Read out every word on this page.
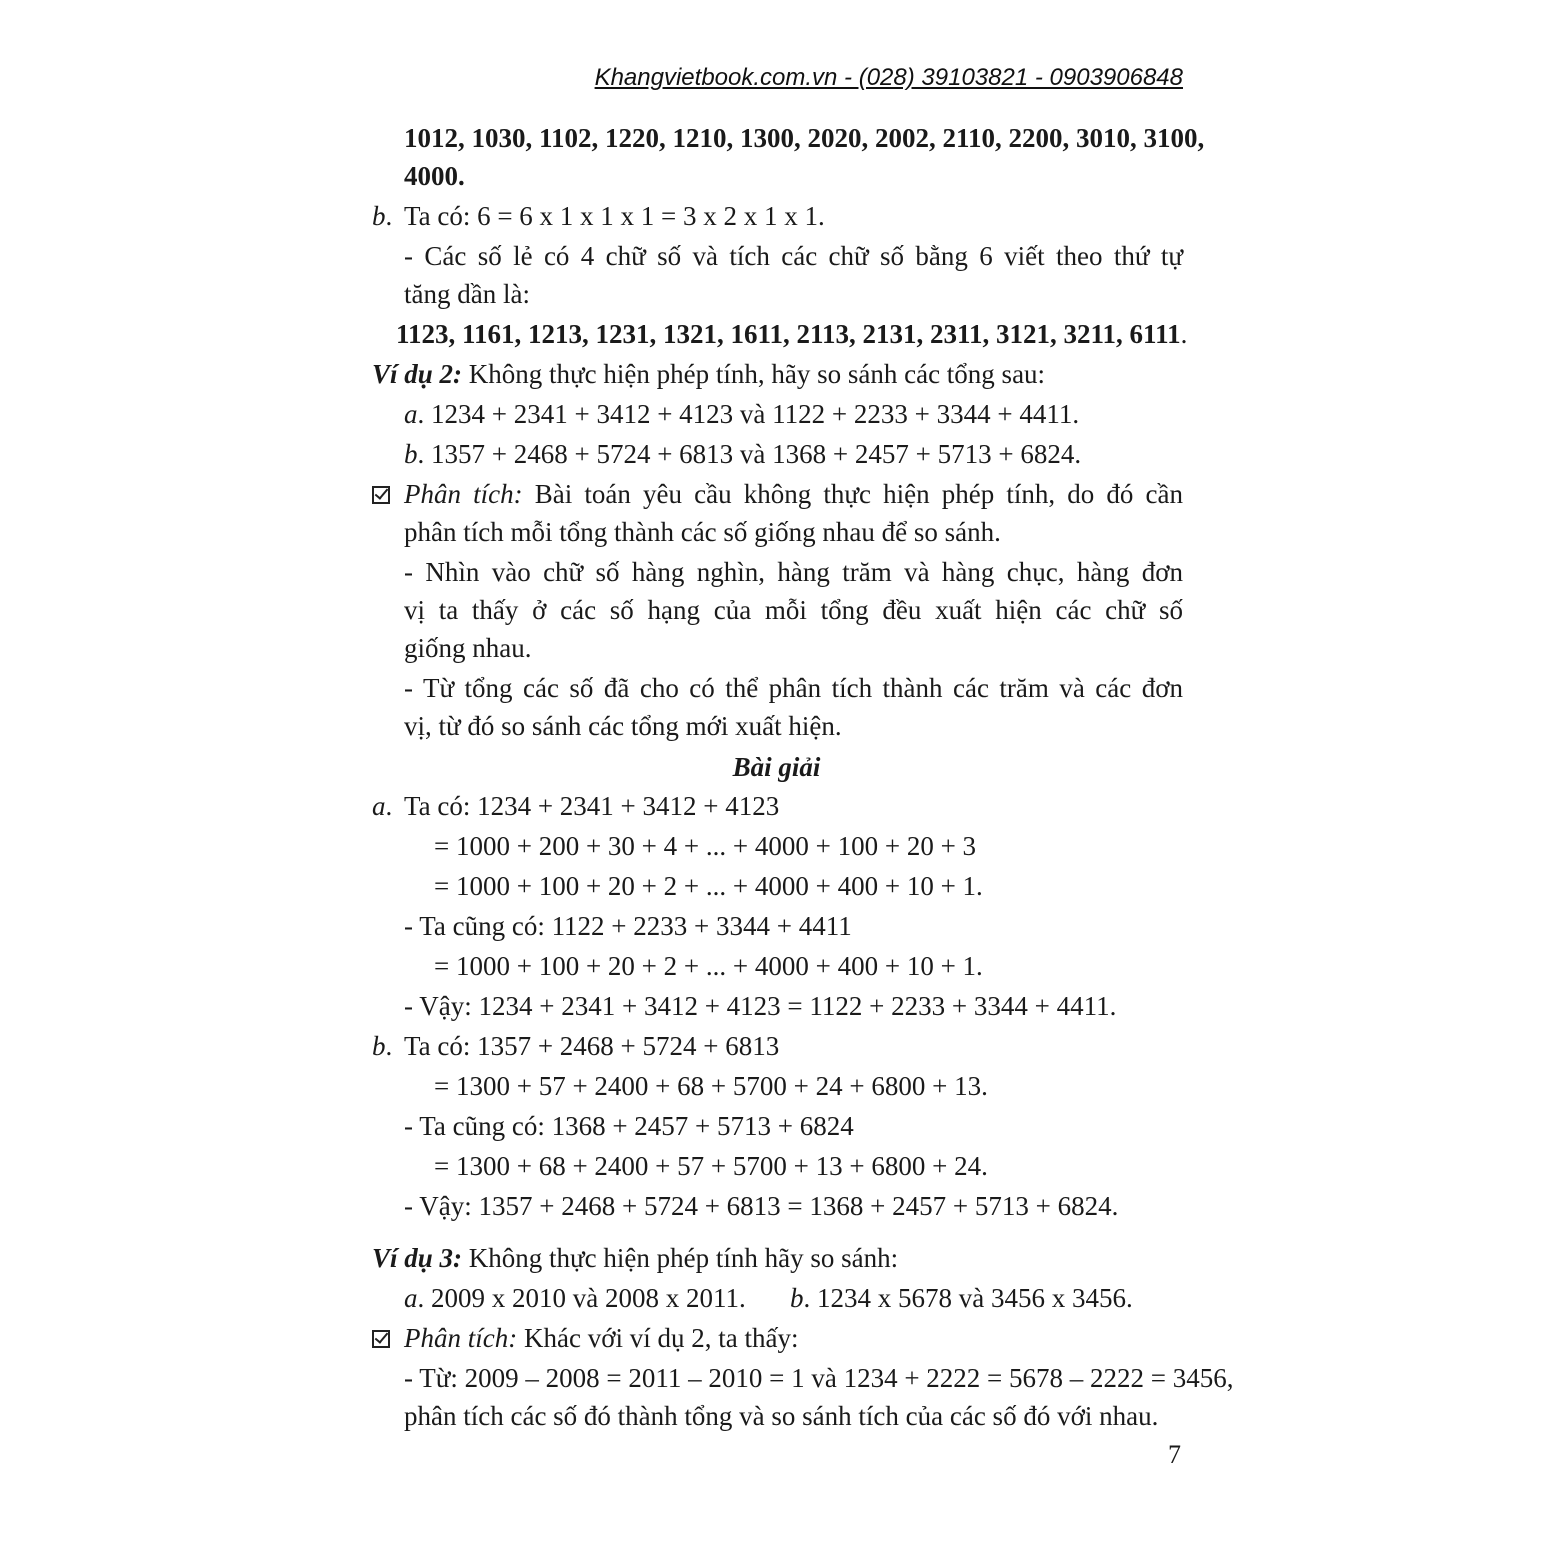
Khangvietbook.com.vn - (028) 39103821 - 0903906848
1012, 1030, 1102, 1220, 1210, 1300, 2020, 2002, 2110, 2200, 3010, 3100,
4000.
b. Ta có: 6 = 6 x 1 x 1 x 1 = 3 x 2 x 1 x 1.
- Các số lẻ có 4 chữ số và tích các chữ số bằng 6 viết theo thứ tự
tăng dần là:
1123, 1161, 1213, 1231, 1321, 1611, 2113, 2131, 2311, 3121, 3211, 6111.
Ví dụ 2: Không thực hiện phép tính, hãy so sánh các tổng sau:
a. 1234 + 2341 + 3412 + 4123 và 1122 + 2233 + 3344 + 4411.
b. 1357 + 2468 + 5724 + 6813 và 1368 + 2457 + 5713 + 6824.
Phân tích: Bài toán yêu cầu không thực hiện phép tính, do đó cần
phân tích mỗi tổng thành các số giống nhau để so sánh.
- Nhìn vào chữ số hàng nghìn, hàng trăm và hàng chục, hàng đơn
vị ta thấy ở các số hạng của mỗi tổng đều xuất hiện các chữ số
giống nhau.
- Từ tổng các số đã cho có thể phân tích thành các trăm và các đơn
vị, từ đó so sánh các tổng mới xuất hiện.
Bài giải
a. Ta có: 1234 + 2341 + 3412 + 4123
= 1000 + 200 + 30 + 4 + ... + 4000 + 100 + 20 + 3
= 1000 + 100 + 20 + 2 + ... + 4000 + 400 + 10 + 1.
- Ta cũng có: 1122 + 2233 + 3344 + 4411
= 1000 + 100 + 20 + 2 + ... + 4000 + 400 + 10 + 1.
- Vậy: 1234 + 2341 + 3412 + 4123 = 1122 + 2233 + 3344 + 4411.
b. Ta có: 1357 + 2468 + 5724 + 6813
= 1300 + 57 + 2400 + 68 + 5700 + 24 + 6800 + 13.
- Ta cũng có: 1368 + 2457 + 5713 + 6824
= 1300 + 68 + 2400 + 57 + 5700 + 13 + 6800 + 24.
- Vậy: 1357 + 2468 + 5724 + 6813 = 1368 + 2457 + 5713 + 6824.
Ví dụ 3: Không thực hiện phép tính hãy so sánh:
a. 2009 x 2010 và 2008 x 2011. b. 1234 x 5678 và 3456 x 3456.
Phân tích: Khác với ví dụ 2, ta thấy:
- Từ: 2009 – 2008 = 2011 – 2010 = 1 và 1234 + 2222 = 5678 – 2222 = 3456,
phân tích các số đó thành tổng và so sánh tích của các số đó với nhau.
7
